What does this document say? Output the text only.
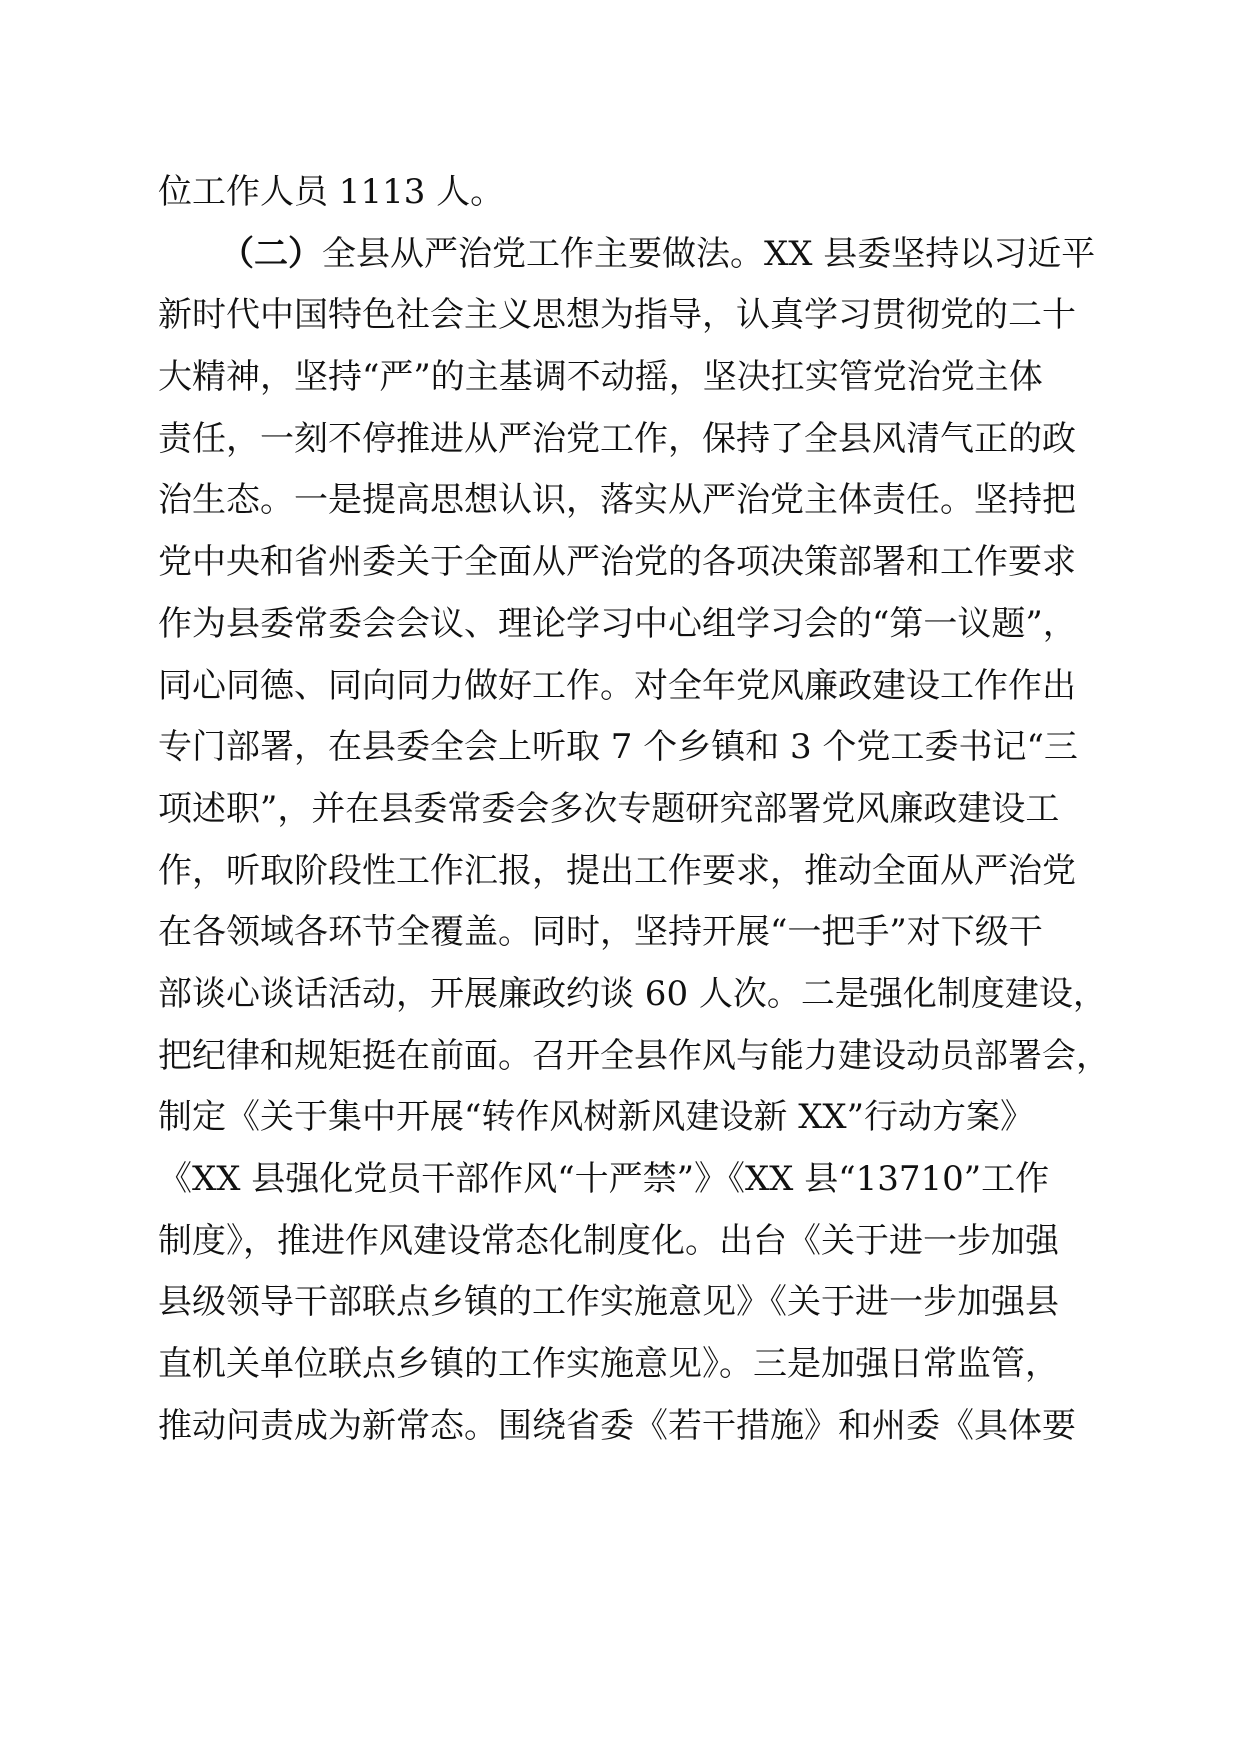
位工作人员 1113 人。
（二） 全县从严治党工作主要做法。XX 县委坚持以习近平
新时代中国特色社会主义思想为指导，认真学习贯彻党的二十
大精神，坚持“严”的主基调不动摇，坚决扛实管党治党主体
责任，一刻不停推进从严治党工作，保持了全县风清气正的政
治生态。一是提高思想认识，落实从严治党主体责任。坚持把
党中央和省州委关于全面从严治党的各项决策部署和工作要求
作为县委常委会会议、理论学习中心组学习会的“第一议题”，
同心同德、同向同力做好工作。对全年党风廉政建设工作作出
专门部署，在县委全会上听取 7 个乡镇和 3 个党工委书记“三
项述职”，并在县委常委会多次专题研究部署党风廉政建设工
作，听取阶段性工作汇报，提出工作要求，推动全面从严治党
在各领域各环节全覆盖。同时，坚持开展“一把手”对下级干
部谈心谈话活动，开展廉政约谈 60 人次。二是强化制度建设，
把纪律和规矩挺在前面。召开全县作风与能力建设动员部署会，
制定《关于集中开展“转作风树新风建设新 XX”行动方案》
《XX 县强化党员干部作风“十严禁”》《XX 县“13710”工作
制度》，推进作风建设常态化制度化。出台《关于进一步加强
县级领导干部联点乡镇的工作实施意见》《关于进一步加强县
直机关单位联点乡镇的工作实施意见》。三是加强日常监管，
推动问责成为新常态。围绕省委《若干措施》和州委《具体要
